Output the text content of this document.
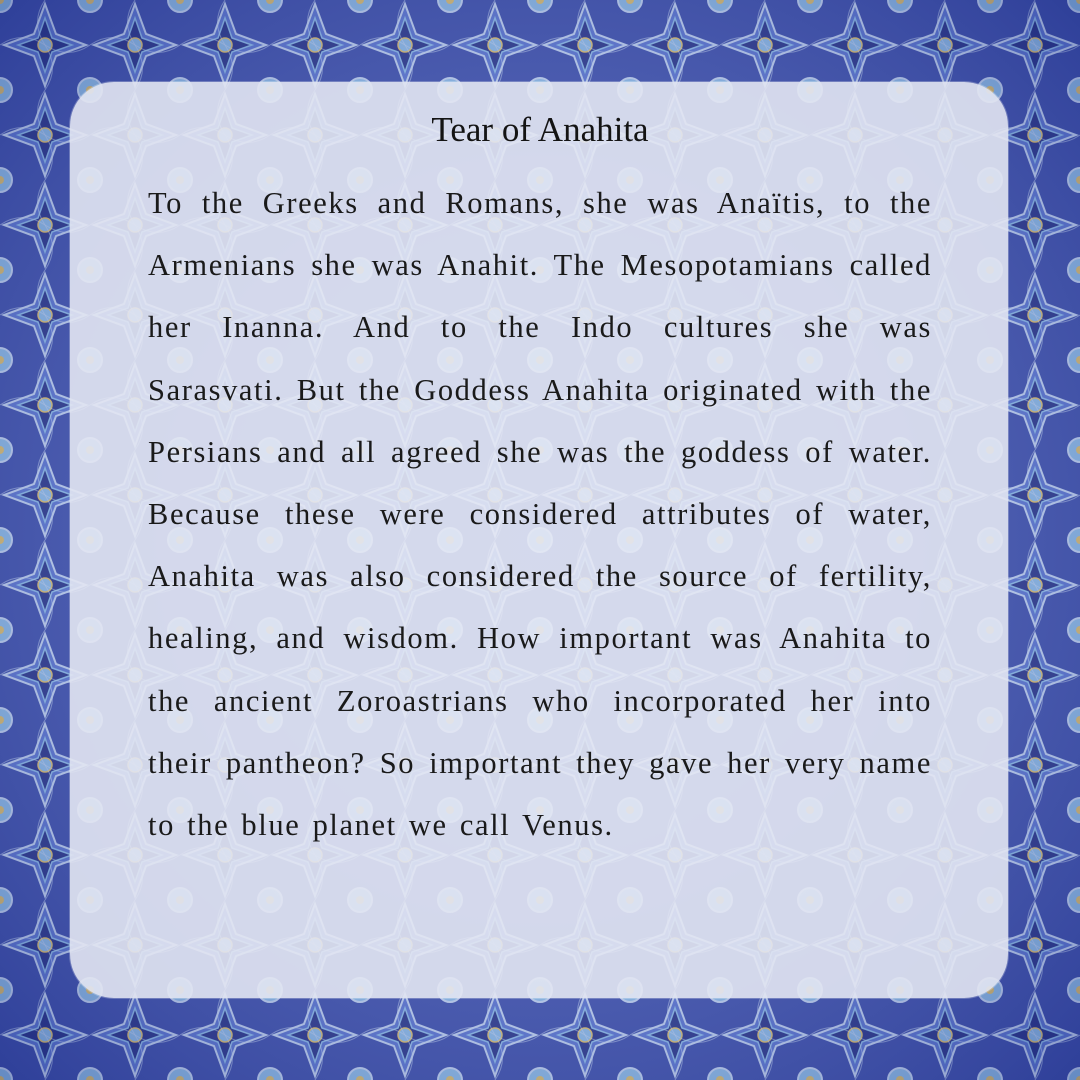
Tear of Anahita

To the Greeks and Romans, she was Anaïtis, to the Armenians she was Anahit. The Mesopotamians called her Inanna. And to the Indo cultures she was Sarasvati. But the Goddess Anahita originated with the Persians and all agreed she was the goddess of water. Because these were considered attributes of water, Anahita was also considered the source of fertility, healing, and wisdom. How important was Anahita to the ancient Zoroastrians who incorporated her into their pantheon? So important they gave her very name to the blue planet we call Venus.
